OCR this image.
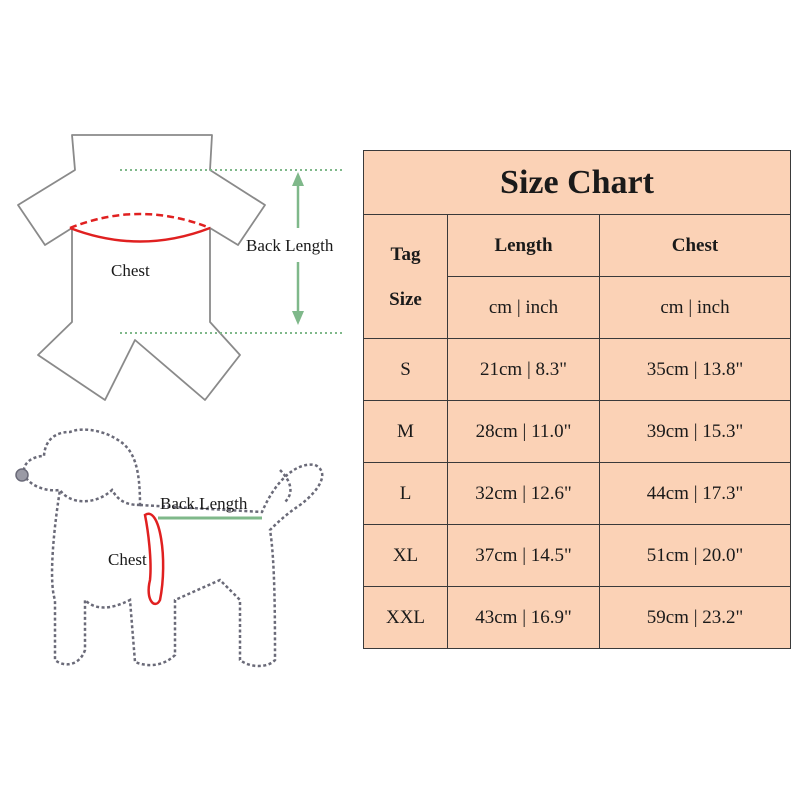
Chest
Back Length
Back Length
Chest
Size Chart		

Tag
Size	Length	Chest
	cm | inch	cm | inch
S	21cm | 8.3"	35cm | 13.8"
M	28cm | 11.0"	39cm | 15.3"
L	32cm | 12.6"	44cm | 17.3"
XL	37cm | 14.5"	51cm | 20.0"
XXL	43cm | 16.9"	59cm | 23.2"
